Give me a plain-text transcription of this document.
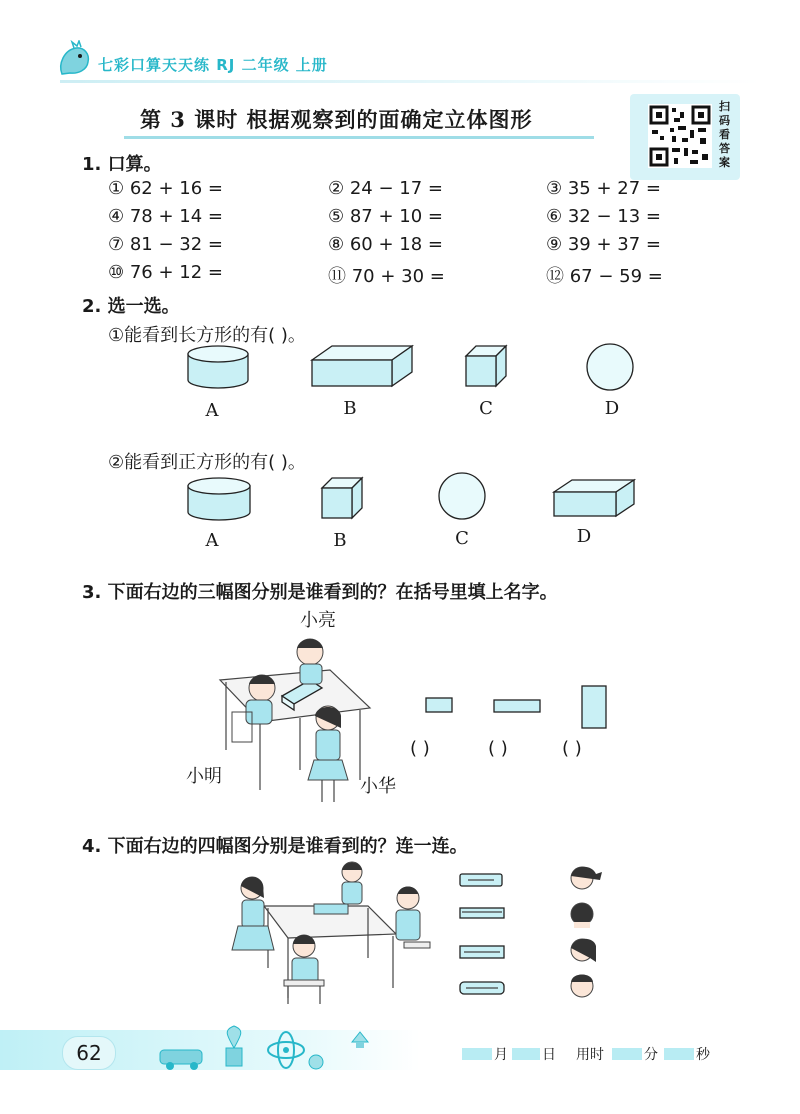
七彩口算天天练 RJ 二年级 上册
第 3 课时 根据观察到的面确定立体图形
扫
码
看
答
案
1. 口算。
① 62 + 16 =	② 24 − 17 =	③ 35 + 27 =
④ 78 + 14 =	⑤ 87 + 10 =	⑥ 32 − 13 =
⑦ 81 − 32 =	⑧ 60 + 18 =	⑨ 39 + 37 =
⑩ 76 + 12 =	⑪ 70 + 30 =	⑫ 67 − 59 =
2. 选一选。
①能看到长方形的有( )。
A	B	C	D
②能看到正方形的有( )。
A	B	C	D
3. 下面右边的三幅图分别是谁看到的？在括号里填上名字。
小亮
小明	小华
( )	( )	( )
4. 下面右边的四幅图分别是谁看到的？连一连。
62	月 日 用时	分	秒
